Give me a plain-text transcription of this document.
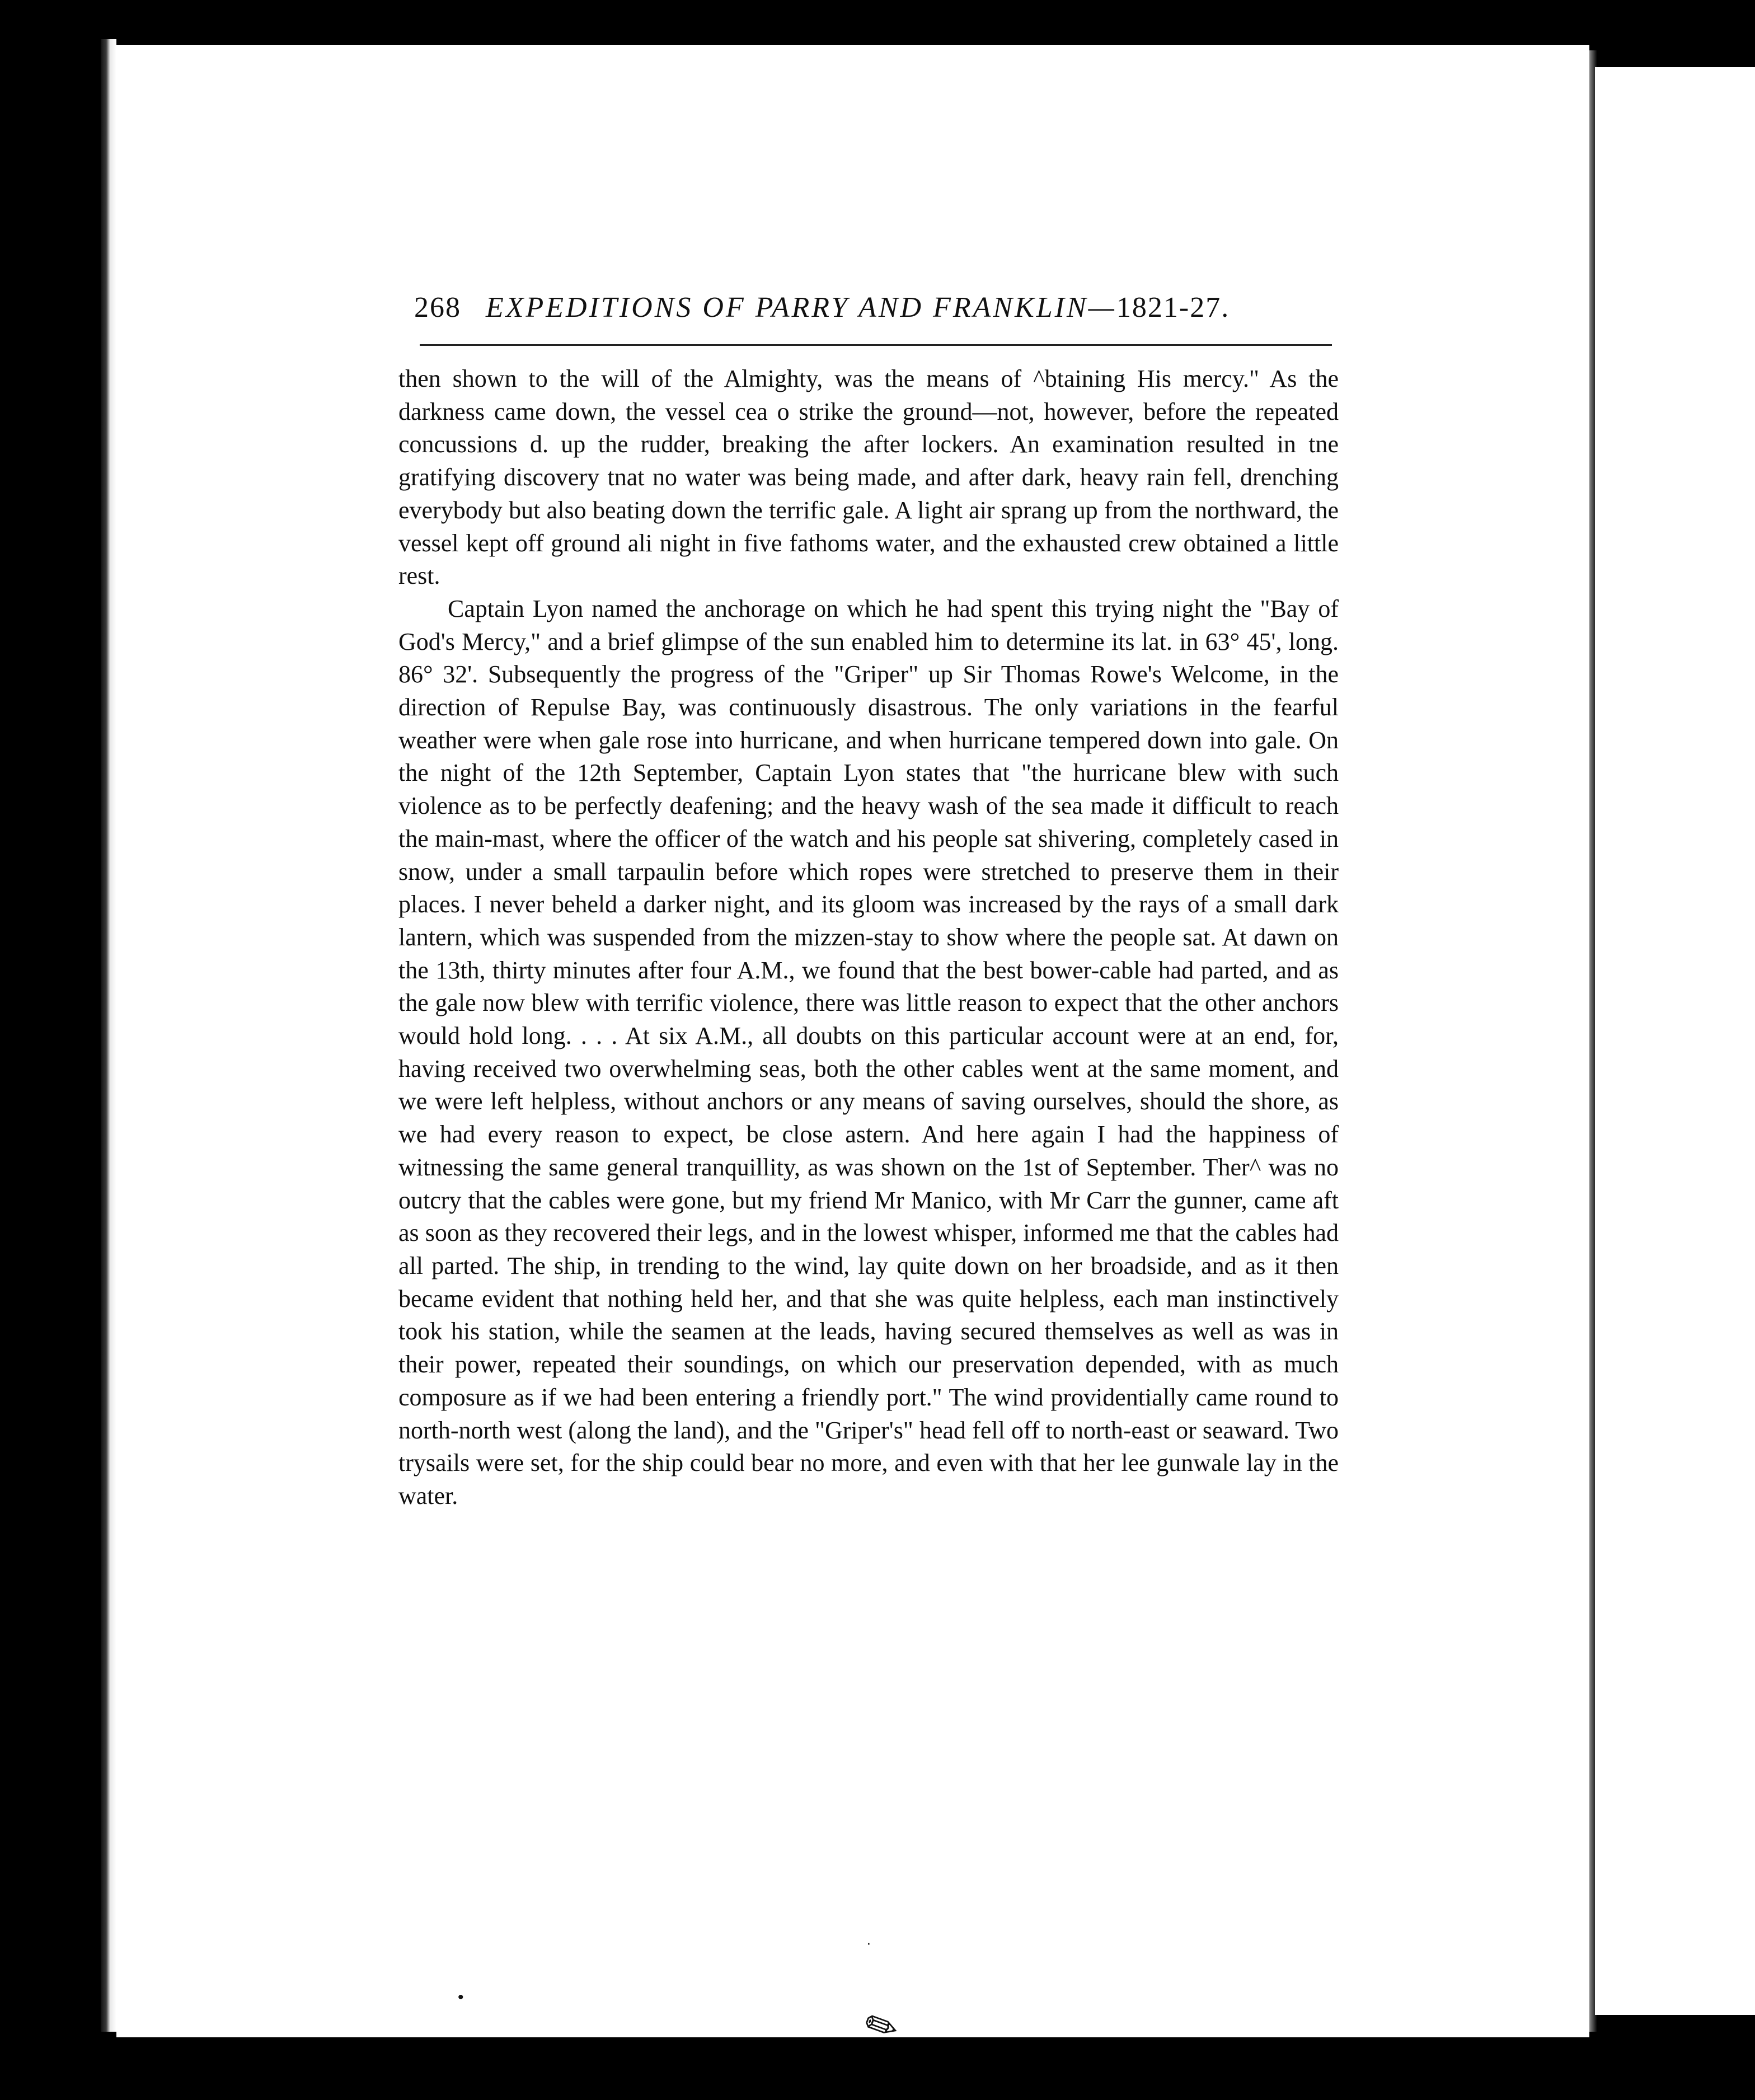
268 EXPEDITIONS OF PARRY AND FRANKLIN—1821-27.

then shown to the will of the Almighty, was the means of ^btaining His mercy." As the darkness came down, the vessel cea o strike the ground—not, however, before the repeated concussions d. up the rudder, breaking the after lockers. An examination resulted in tne gratifying discovery tnat no water was being made, and after dark, heavy rain fell, drenching everybody but also beating down the terrific gale. A light air sprang up from the northward, the vessel kept off ground ali night in five fathoms water, and the exhausted crew obtained a little rest.

Captain Lyon named the anchorage on which he had spent this trying night the "Bay of God's Mercy," and a brief glimpse of the sun enabled him to determine its lat. in 63° 45', long. 86° 32'. Subsequently the progress of the "Griper" up Sir Thomas Rowe's Welcome, in the direction of Repulse Bay, was continuously disastrous. The only variations in the fearful weather were when gale rose into hurricane, and when hurricane tempered down into gale. On the night of the 12th September, Captain Lyon states that "the hurricane blew with such violence as to be perfectly deafening; and the heavy wash of the sea made it difficult to reach the main-mast, where the officer of the watch and his people sat shivering, completely cased in snow, under a small tarpaulin before which ropes were stretched to preserve them in their places. I never beheld a darker night, and its gloom was increased by the rays of a small dark lantern, which was suspended from the mizzen-stay to show where the people sat. At dawn on the 13th, thirty minutes after four A.M., we found that the best bower-cable had parted, and as the gale now blew with terrific violence, there was little reason to expect that the other anchors would hold long. . . . At six A.M., all doubts on this particular account were at an end, for, having received two overwhelming seas, both the other cables went at the same moment, and we were left helpless, without anchors or any means of saving ourselves, should the shore, as we had every reason to expect, be close astern. And here again I had the happiness of witnessing the same general tranquillity, as was shown on the 1st of September. Ther^ was no outcry that the cables were gone, but my friend Mr Manico, with Mr Carr the gunner, came aft as soon as they recovered their legs, and in the lowest whisper, informed me that the cables had all parted. The ship, in trending to the wind, lay quite down on her broadside, and as it then became evident that nothing held her, and that she was quite helpless, each man instinctively took his station, while the seamen at the leads, having secured themselves as well as was in their power, repeated their soundings, on which our preservation depended, with as much composure as if we had been entering a friendly port." The wind providentially came round to north-north west (along the land), and the "Griper's" head fell off to north-east or seaward. Two trysails were set, for the ship could bear no more, and even with that her lee gunwale lay in the water.

·
•
✎
